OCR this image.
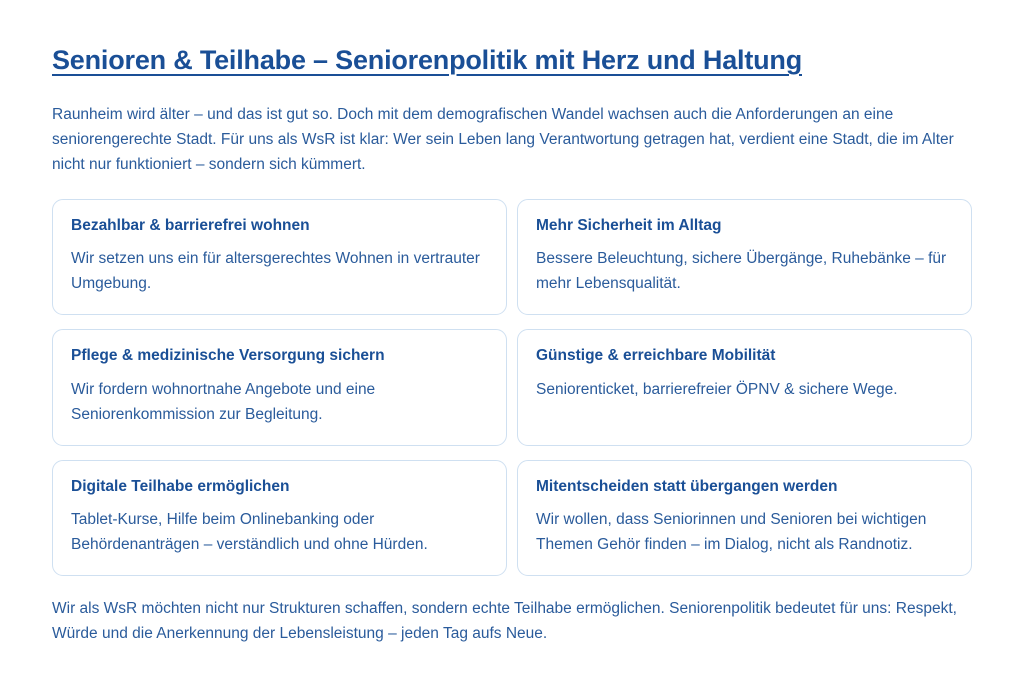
Senioren & Teilhabe – Seniorenpolitik mit Herz und Haltung

Raunheim wird älter – und das ist gut so. Doch mit dem demografischen Wandel wachsen auch die Anforderungen an eine seniorengerechte Stadt. Für uns als WsR ist klar: Wer sein Leben lang Verantwortung getragen hat, verdient eine Stadt, die im Alter nicht nur funktioniert – sondern sich kümmert.

Bezahlbar & barrierefrei wohnen

Wir setzen uns ein für altersgerechtes Wohnen in vertrauter Umgebung.

Mehr Sicherheit im Alltag

Bessere Beleuchtung, sichere Übergänge, Ruhebänke – für mehr Lebensqualität.

Pflege & medizinische Versorgung sichern

Wir fordern wohnortnahe Angebote und eine Seniorenkommission zur Begleitung.

Günstige & erreichbare Mobilität

Seniorenticket, barrierefreier ÖPNV & sichere Wege.

Digitale Teilhabe ermöglichen

Tablet-Kurse, Hilfe beim Onlinebanking oder Behördenanträgen – verständlich und ohne Hürden.

Mitentscheiden statt übergangen werden

Wir wollen, dass Seniorinnen und Senioren bei wichtigen Themen Gehör finden – im Dialog, nicht als Randnotiz.

Wir als WsR möchten nicht nur Strukturen schaffen, sondern echte Teilhabe ermöglichen. Seniorenpolitik bedeutet für uns: Respekt, Würde und die Anerkennung der Lebensleistung – jeden Tag aufs Neue.
